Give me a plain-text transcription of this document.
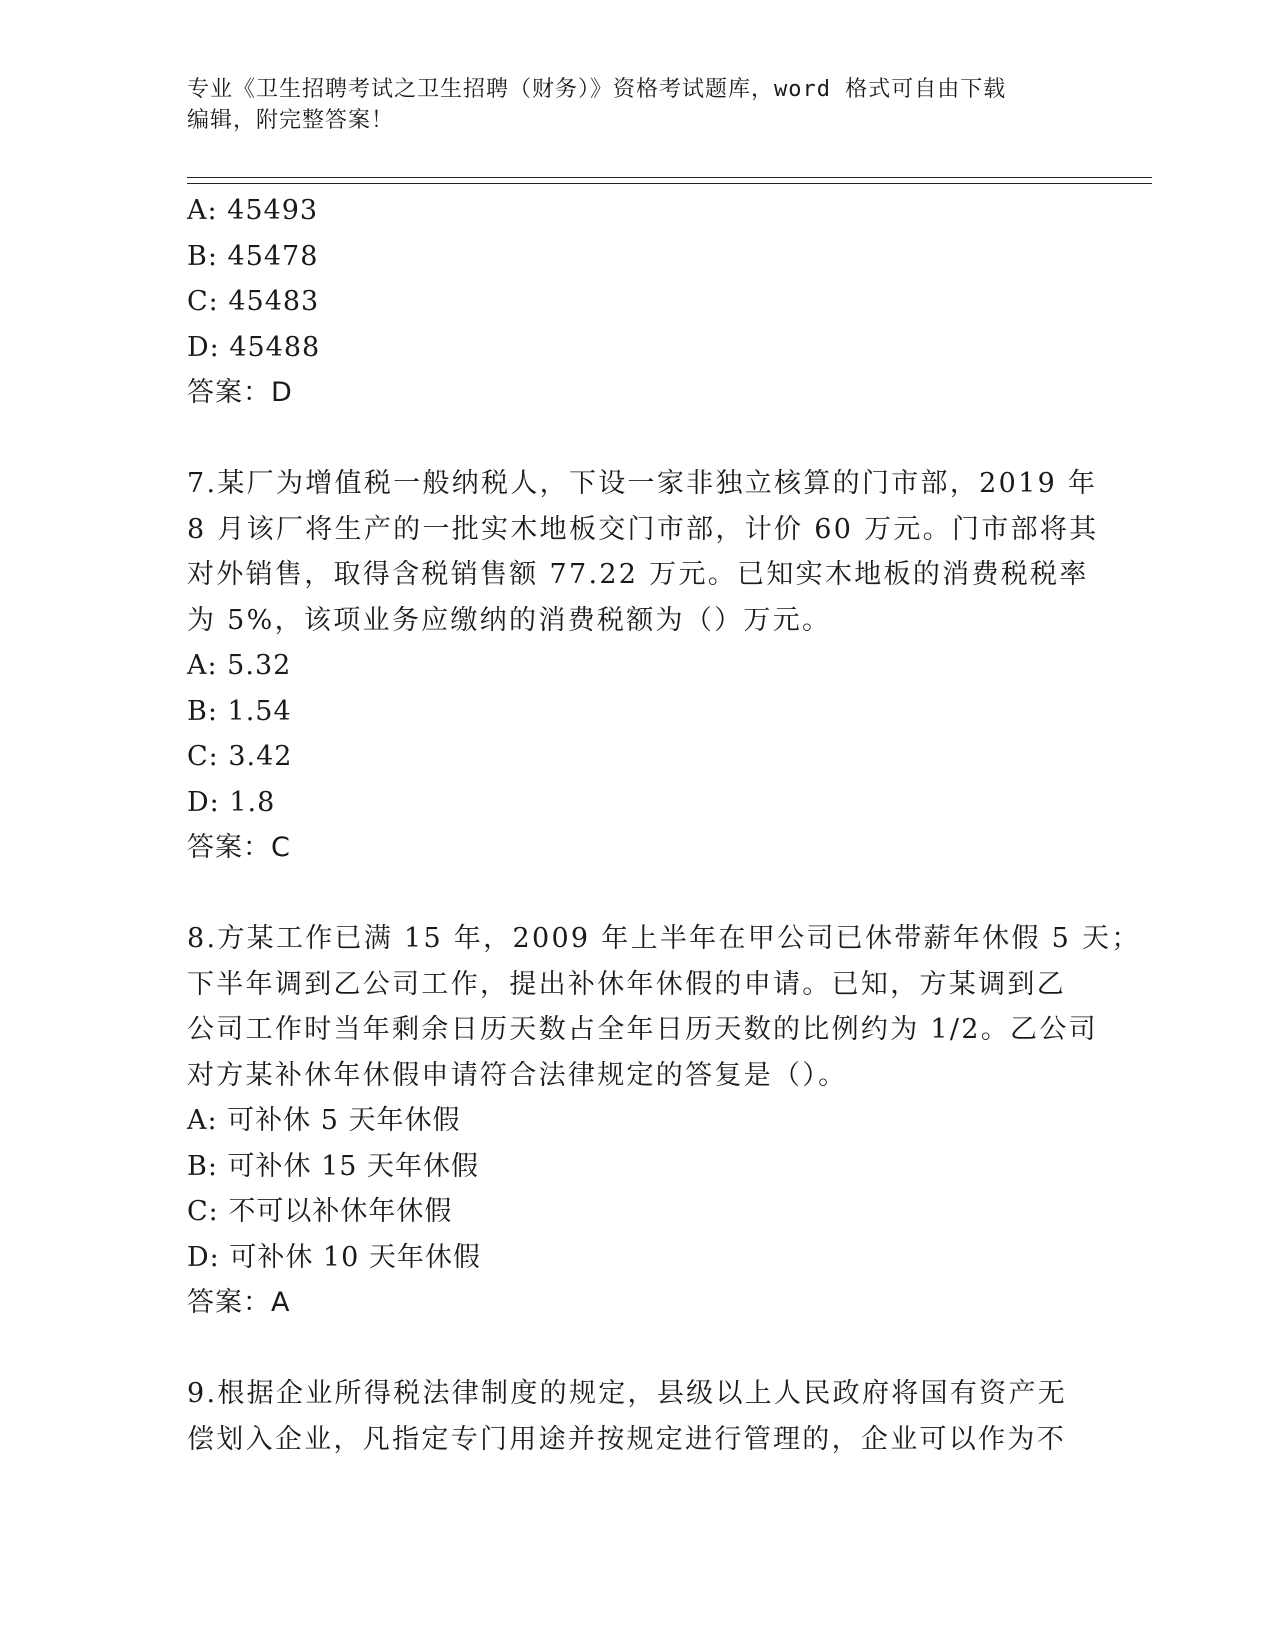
专业《卫生招聘考试之卫生招聘（财务）》资格考试题库，word 格式可自由下载
编辑，附完整答案！
A: 45493
B: 45478
C: 45483
D: 45488
答案：D
7.某厂为增值税一般纳税人，下设一家非独立核算的门市部，2019 年
8 月该厂将生产的一批实木地板交门市部，计价 60 万元。门市部将其
对外销售，取得含税销售额 77.22 万元。已知实木地板的消费税税率
为 5%，该项业务应缴纳的消费税额为（）万元。
A: 5.32
B: 1.54
C: 3.42
D: 1.8
答案：C
8.方某工作已满 15 年，2009 年上半年在甲公司已休带薪年休假 5 天；
下半年调到乙公司工作，提出补休年休假的申请。已知，方某调到乙
公司工作时当年剩余日历天数占全年日历天数的比例约为 1/2。乙公司
对方某补休年休假申请符合法律规定的答复是（）。
A: 可补休 5 天年休假
B: 可补休 15 天年休假
C: 不可以补休年休假
D: 可补休 10 天年休假
答案：A
9.根据企业所得税法律制度的规定，县级以上人民政府将国有资产无
偿划入企业，凡指定专门用途并按规定进行管理的，企业可以作为不
